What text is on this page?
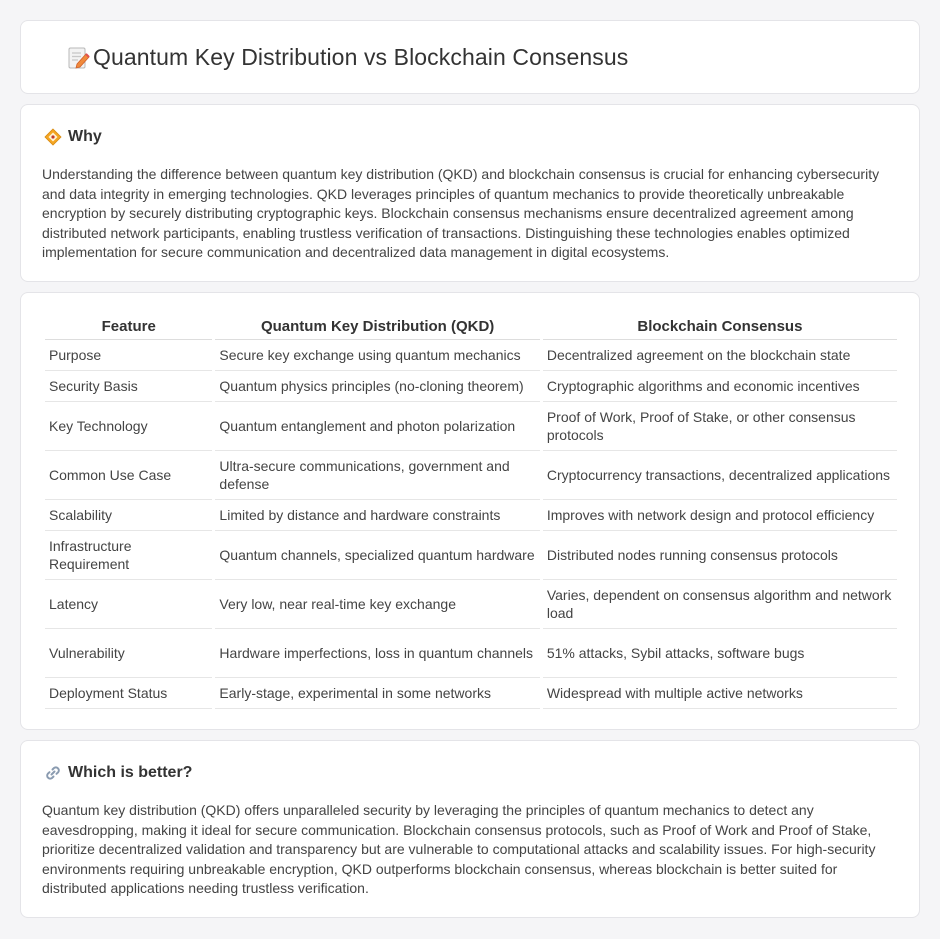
Quantum Key Distribution vs Blockchain Consensus
Why

Understanding the difference between quantum key distribution (QKD) and blockchain consensus is crucial for enhancing cybersecurity and data integrity in emerging technologies. QKD leverages principles of quantum mechanics to provide theoretically unbreakable encryption by securely distributing cryptographic keys. Blockchain consensus mechanisms ensure decentralized agreement among distributed network participants, enabling trustless verification of transactions. Distinguishing these technologies enables optimized implementation for secure communication and decentralized data management in digital ecosystems.

Feature	Quantum Key Distribution (QKD)	Blockchain Consensus
Purpose	Secure key exchange using quantum mechanics	Decentralized agreement on the blockchain state
Security Basis	Quantum physics principles (no-cloning theorem)	Cryptographic algorithms and economic incentives
Key Technology	Quantum entanglement and photon polarization	Proof of Work, Proof of Stake, or other consensus protocols
Common Use Case	Ultra-secure communications, government and defense	Cryptocurrency transactions, decentralized applications
Scalability	Limited by distance and hardware constraints	Improves with network design and protocol efficiency
Infrastructure Requirement	Quantum channels, specialized quantum hardware	Distributed nodes running consensus protocols
Latency	Very low, near real-time key exchange	Varies, dependent on consensus algorithm and network load
Vulnerability	Hardware imperfections, loss in quantum channels	51% attacks, Sybil attacks, software bugs
Deployment Status	Early-stage, experimental in some networks	Widespread with multiple active networks
Which is better?

Quantum key distribution (QKD) offers unparalleled security by leveraging the principles of quantum mechanics to detect any eavesdropping, making it ideal for secure communication. Blockchain consensus protocols, such as Proof of Work and Proof of Stake, prioritize decentralized validation and transparency but are vulnerable to computational attacks and scalability issues. For high-security environments requiring unbreakable encryption, QKD outperforms blockchain consensus, whereas blockchain is better suited for distributed applications needing trustless verification.
